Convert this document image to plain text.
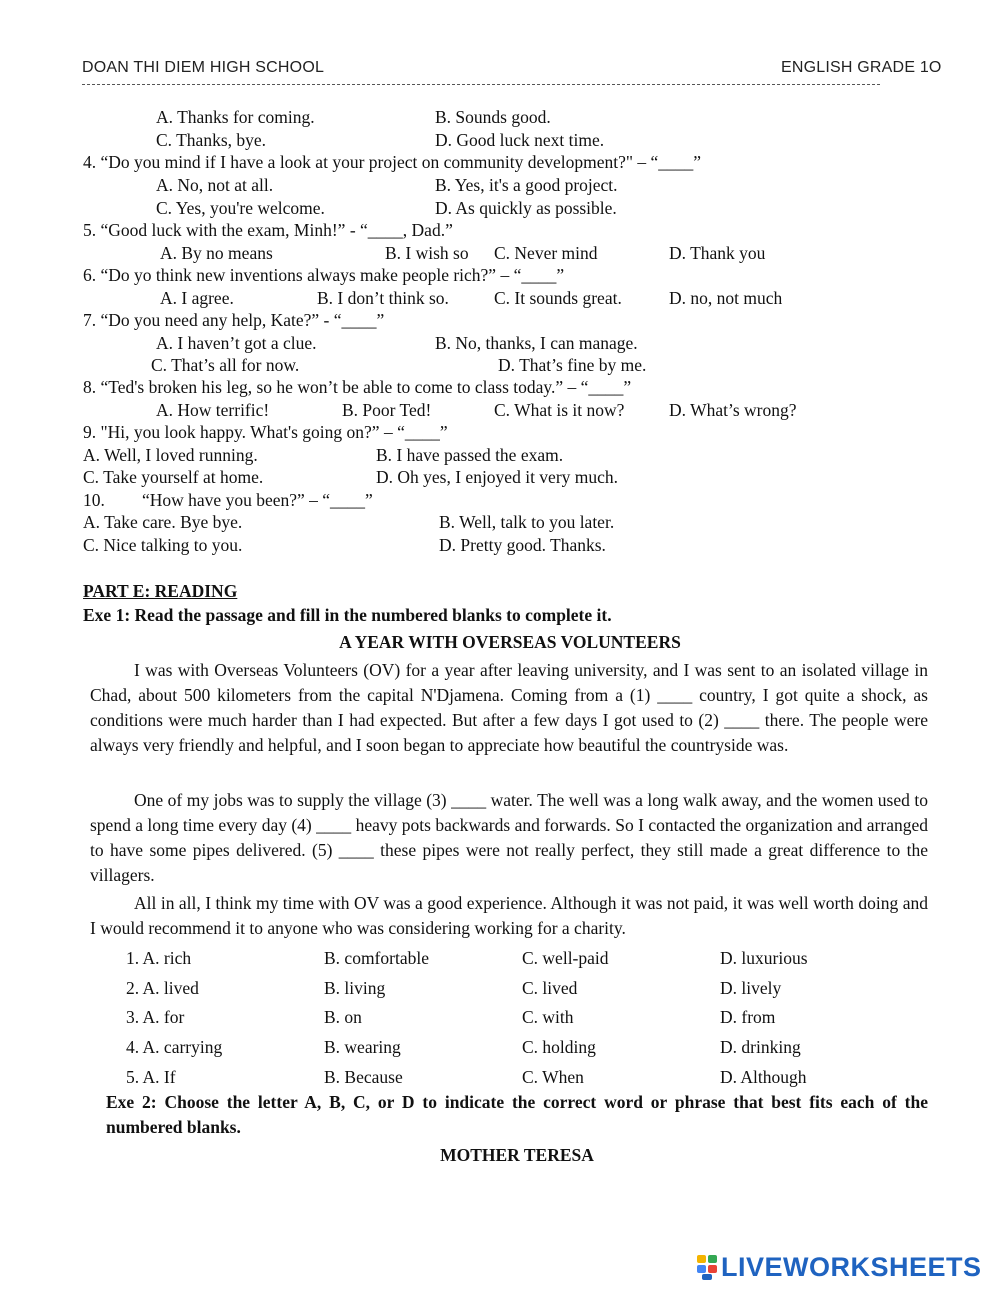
DOAN THI DIEM HIGH SCHOOL	ENGLISH GRADE 1O
A. Thanks for coming.	B. Sounds good.
C. Thanks, bye.	D. Good luck next time.
4. “Do you mind if I have a look at your project on community development?" – “____”
A. No, not at all.	B. Yes, it's a good project.
C. Yes, you're welcome.	D. As quickly as possible.
5. “Good luck with the exam, Minh!” - “____, Dad.”
A. By no means	B. I wish so C. Never mind	D. Thank you
6. “Do yo think new inventions always make people rich?” – “____”
A. I agree.	B. I don’t think so.	C. It sounds great.	D. no, not much
7. “Do you need any help, Kate?” - “____”
A. I haven’t got a clue.	B. No, thanks, I can manage.
C. That’s all for now.	D. That’s fine by me.
8. “Ted's broken his leg, so he won’t be able to come to class today.” – “____”
A. How terrific!	B. Poor Ted!	C. What is it now?	D. What’s wrong?
9. "Hi, you look happy. What's going on?” – “____”
A. Well, I loved running.	B. I have passed the exam.
C. Take yourself at home.	D. Oh yes, I enjoyed it very much.
10. “How have you been?” – “____”
A. Take care. Bye bye.	B. Well, talk to you later.
C. Nice talking to you.	D. Pretty good. Thanks.
PART E: READING
Exe 1: Read the passage and fill in the numbered blanks to complete it.
A YEAR WITH OVERSEAS VOLUNTEERS
I was with Overseas Volunteers (OV) for a year after leaving university, and I was sent to an isolated village in Chad, about 500 kilometers from the capital N'Djamena. Coming from a (1) ____ country, I got quite a shock, as conditions were much harder than I had expected. But after a few days I got used to (2) ____ there. The people were always very friendly and helpful, and I soon began to appreciate how beautiful the countryside was.
One of my jobs was to supply the village (3) ____ water. The well was a long walk away, and the women used to spend a long time every day (4) ____ heavy pots backwards and forwards. So I contacted the organization and arranged to have some pipes delivered. (5) ____ these pipes were not really perfect, they still made a great difference to the villagers.
All in all, I think my time with OV was a good experience. Although it was not paid, it was well worth doing and I would recommend it to anyone who was considering working for a charity.
1. A. rich	B. comfortable	C. well-paid	D. luxurious
2. A. lived	B. living	C. lived	D. lively
3. A. for	B. on	C. with	D. from
4. A. carrying	B. wearing	C. holding	D. drinking
5. A. If	B. Because	C. When	D. Although
Exe 2: Choose the letter A, B, C, or D to indicate the correct word or phrase that best fits each of the numbered blanks.
MOTHER TERESA
LIVEWORKSHEETS
